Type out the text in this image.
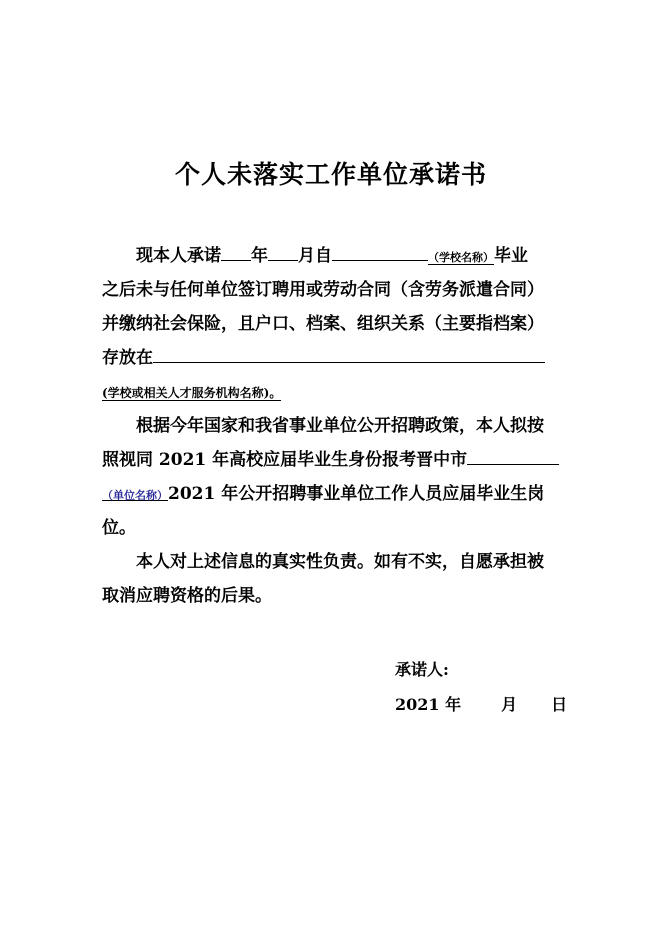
个人未落实工作单位承诺书
现本人承诺 年 月自	（学校名称）毕业
之后未与任何单位签订聘用或劳动合同（含劳务派遣合同）
并缴纳社会保险，且户口、档案、组织关系（主要指档案）
存放在
(学校或相关人才服务机构名称)。
根据今年国家和我省事业单位公开招聘政策，本人拟按
照视同 2021 年高校应届毕业生身份报考晋中市
（单位名称）2021 年公开招聘事业单位工作人员应届毕业生岗
位。
本人对上述信息的真实性负责。如有不实，自愿承担被
取消应聘资格的后果。
承诺人:
2021 年	月 日
